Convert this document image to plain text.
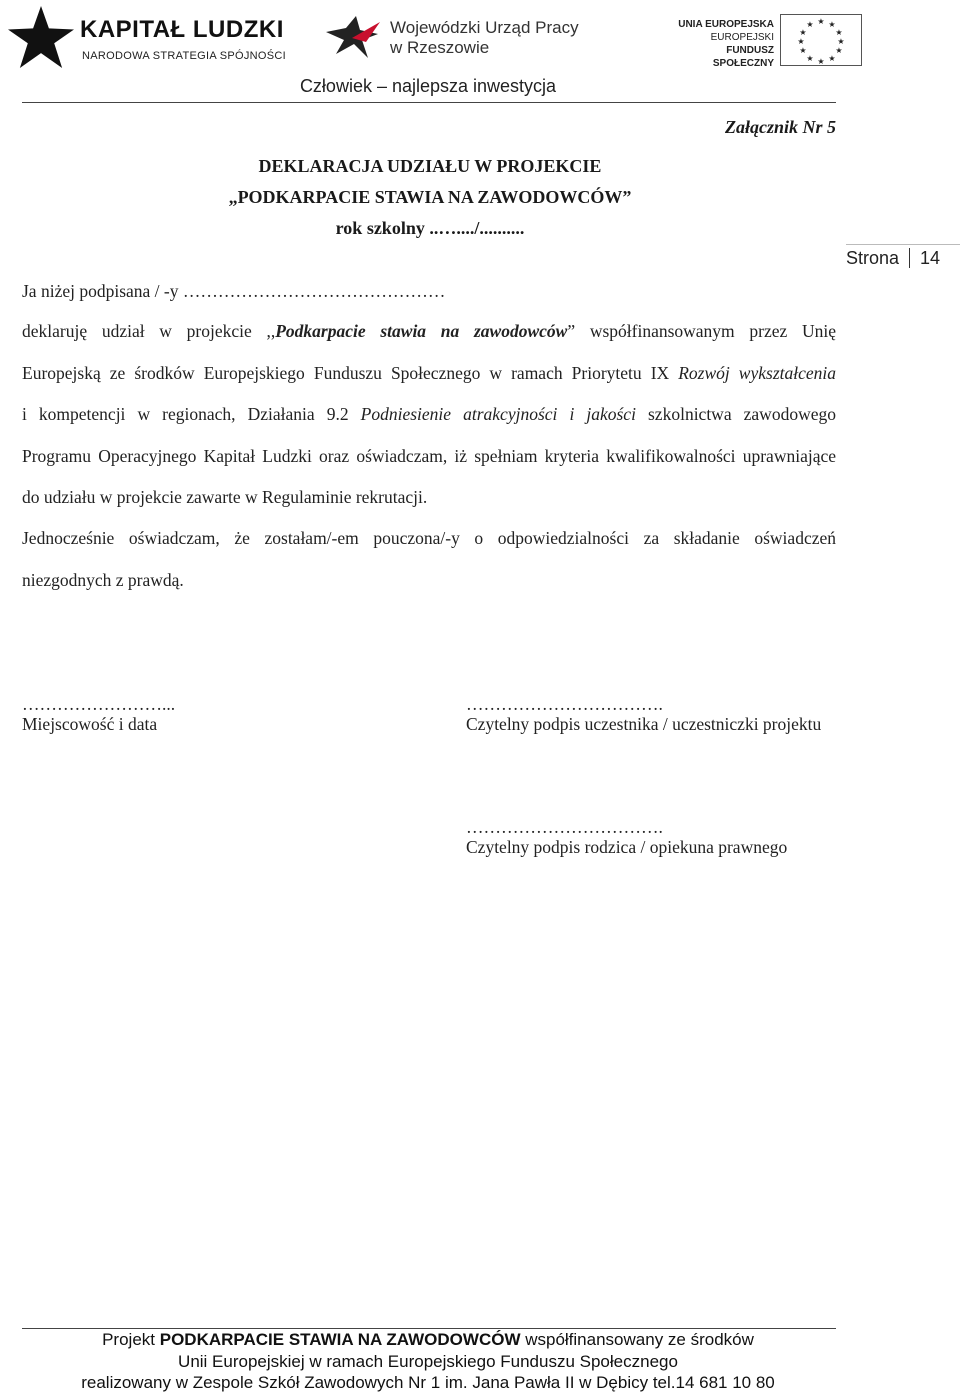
KAPITAŁ LUDZKI
NARODOWA STRATEGIA SPÓJNOŚCI
Wojewódzki Urząd Pracy
w Rzeszowie
UNIA EUROPEJSKA
EUROPEJSKI
FUNDUSZ SPOŁECZNY
★ ★
★
★
★
★
★
★
★
★
★
★
Człowiek – najlepsza inwestycja
Załącznik Nr 5
Strona 14
DEKLARACJA UDZIAŁU W PROJEKCIE
„PODKARPACIE STAWIA NA ZAWODOWCÓW”
rok szkolny ..…..../..........
Ja niżej podpisana / -y ………………………………………
deklaruję udział w projekcie ,,Podkarpacie stawia na zawodowców” współfinansowanym przez Unię
Europejską ze środków Europejskiego Funduszu Społecznego w ramach Priorytetu IX Rozwój wykształcenia
i kompetencji w regionach, Działania 9.2 Podniesienie atrakcyjności i jakości szkolnictwa zawodowego
Programu Operacyjnego Kapitał Ludzki oraz oświadczam, iż spełniam kryteria kwalifikowalności uprawniające
do udziału w projekcie zawarte w Regulaminie rekrutacji.
Jednocześnie oświadczam, że zostałam/-em pouczona/-y o odpowiedzialności za składanie oświadczeń
niezgodnych z prawdą.
……………………...
Miejscowość i data
…………………………….
Czytelny podpis uczestnika / uczestniczki projektu
…………………………….
Czytelny podpis rodzica / opiekuna prawnego
Projekt PODKARPACIE STAWIA NA ZAWODOWCÓW współfinansowany ze środków
Unii Europejskiej w ramach Europejskiego Funduszu Społecznego
realizowany w Zespole Szkół Zawodowych Nr 1 im. Jana Pawła II w Dębicy tel.14 681 10 80
